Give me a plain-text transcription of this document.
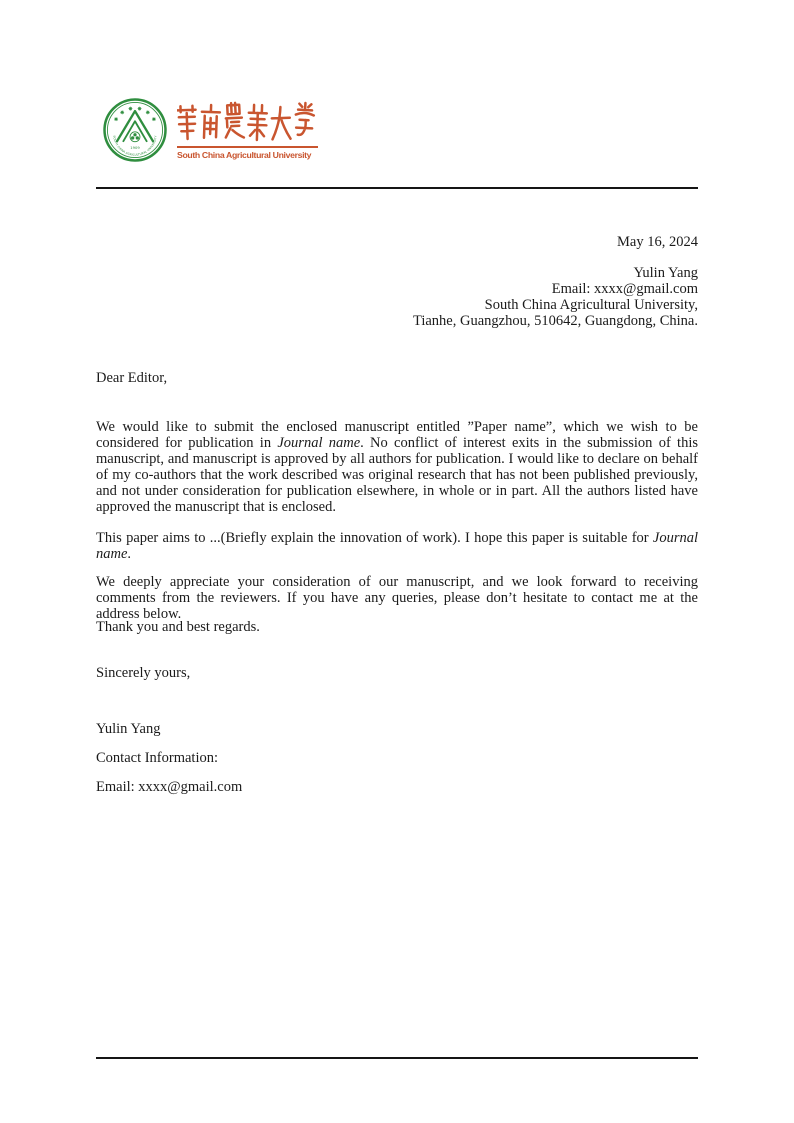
1909
SOUTH CHINA AGRICULTURAL UNIVERSITY
South China Agricultural University
May 16, 2024
Yulin Yang
Email: xxxx@gmail.com
South China Agricultural University,
Tianhe, Guangzhou, 510642, Guangdong, China.
Dear Editor,
We would like to submit the enclosed manuscript entitled ”Paper name”, which we wish to be considered for publication in Journal name. No conflict of interest exits in the submission of this manuscript, and manuscript is approved by all authors for publication. I would like to declare on behalf of my co-authors that the work described was original research that has not been published previously, and not under consideration for publication elsewhere, in whole or in part. All the authors listed have approved the manuscript that is enclosed.
This paper aims to ...(Briefly explain the innovation of work). I hope this paper is suitable for Journal name.
We deeply appreciate your consideration of our manuscript, and we look forward to receiving comments from the reviewers. If you have any queries, please don’t hesitate to contact me at the address below.
Thank you and best regards.
Sincerely yours,
Yulin Yang
Contact Information:
Email: xxxx@gmail.com
